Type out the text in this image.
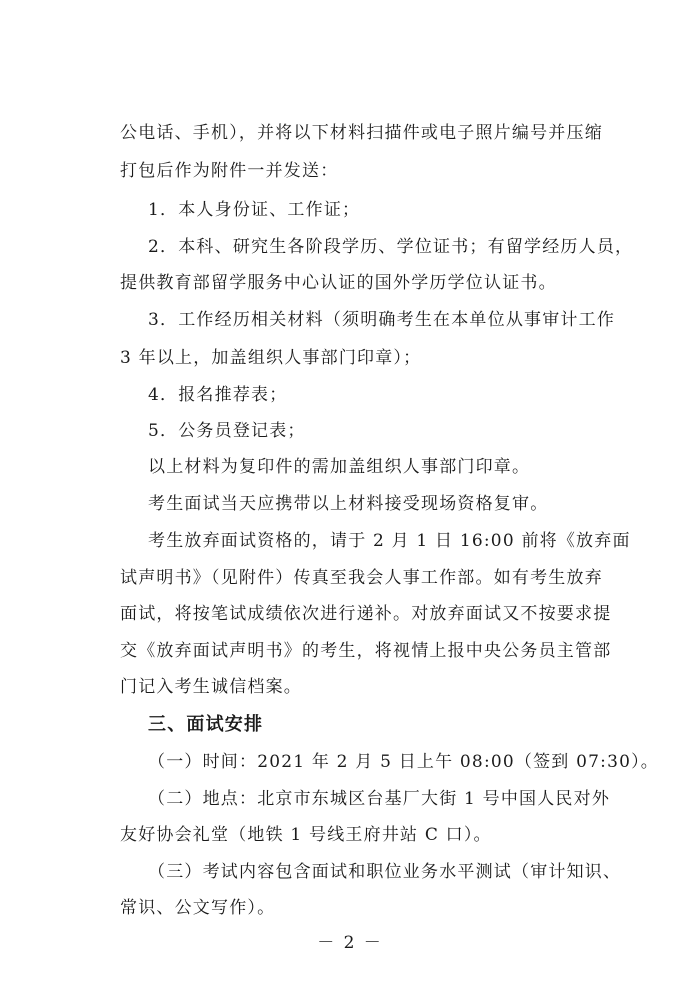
公电话、手机），并将以下材料扫描件或电子照片编号并压缩
打包后作为附件一并发送：
1．本人身份证、工作证；
2．本科、研究生各阶段学历、学位证书；有留学经历人员，
提供教育部留学服务中心认证的国外学历学位认证书。
3．工作经历相关材料（须明确考生在本单位从事审计工作
3 年以上，加盖组织人事部门印章）；
4．报名推荐表；
5．公务员登记表；
以上材料为复印件的需加盖组织人事部门印章。
考生面试当天应携带以上材料接受现场资格复审。
考生放弃面试资格的，请于 2 月 1 日 16:00 前将《放弃面
试声明书》（见附件）传真至我会人事工作部。如有考生放弃
面试，将按笔试成绩依次进行递补。对放弃面试又不按要求提
交《放弃面试声明书》的考生，将视情上报中央公务员主管部
门记入考生诚信档案。
三、面试安排
（一）时间：2021 年 2 月 5 日上午 08:00（签到 07:30）。
（二）地点：北京市东城区台基厂大街 1 号中国人民对外
友好协会礼堂（地铁 1 号线王府井站 C 口）。
（三）考试内容包含面试和职位业务水平测试（审计知识、
常识、公文写作）。
－ 2 －
